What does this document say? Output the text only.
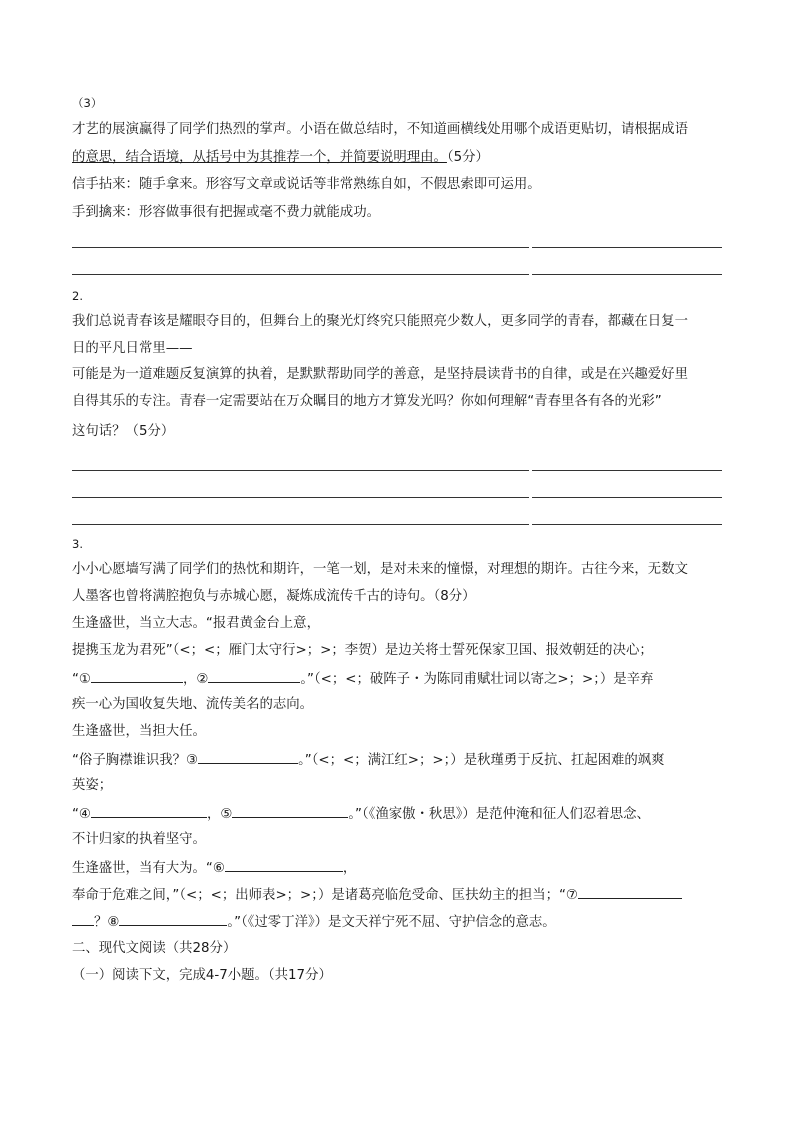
（3）
才艺的展演赢得了同学们热烈的掌声。小语在做总结时，不知道画横线处用哪个成语更贴切，请根据成语
的意思，结合语境，从括号中为其推荐一个，并简要说明理由。（5分）
信手拈来：随手拿来。形容写文章或说话等非常熟练自如，不假思索即可运用。
手到擒来：形容做事很有把握或毫不费力就能成功。
2.
我们总说青春该是耀眼夺目的，但舞台上的聚光灯终究只能照亮少数人，更多同学的青春，都藏在日复一
日的平凡日常里——
可能是为一道难题反复演算的执着，是默默帮助同学的善意，是坚持晨读背书的自律，或是在兴趣爱好里
自得其乐的专注。青春一定需要站在万众瞩目的地方才算发光吗？你如何理解“青春里各有各的光彩”
这句话？（5分）
3.
小小心愿墙写满了同学们的热忱和期许，一笔一划，是对未来的憧憬，对理想的期许。古往今来，无数文
人墨客也曾将满腔抱负与赤城心愿，凝炼成流传千古的诗句。（8分）
生逢盛世，当立大志。“报君黄金台上意，
提携玉龙为君死”（<；<；雁门太守行>；>；李贺）是边关将士誓死保家卫国、报效朝廷的决心；
“①	，②	。”（<；<；破阵子・为陈同甫赋壮词以寄之>；>；）是辛弃
疾一心为国收复失地、流传美名的志向。
生逢盛世，当担大任。
“俗子胸襟谁识我？③	。”（<；<；满江红>；>；）是秋瑾勇于反抗、扛起困难的飒爽
英姿；
“④	，⑤	。”（《渔家傲・秋思》）是范仲淹和征人们忍着思念、
不计归家的执着坚守。
生逢盛世，当有大为。“⑥	，
奉命于危难之间，”（<；<；出师表>；>；）是诸葛亮临危受命、匡扶幼主的担当；“⑦
？⑧	。”（《过零丁洋》）是文天祥宁死不屈、守护信念的意志。
二、现代文阅读（共28分）
（一）阅读下文，完成4-7小题。（共17分）
